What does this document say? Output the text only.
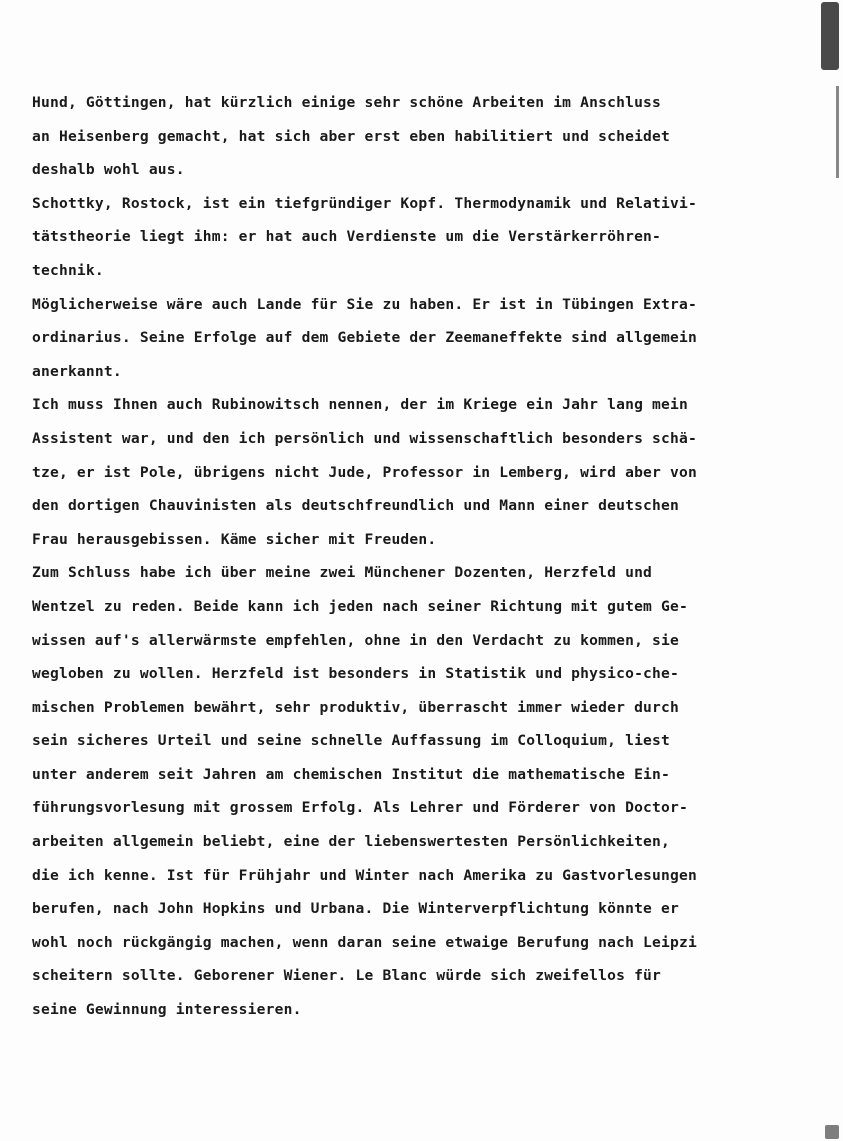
Hund, Göttingen, hat kürzlich einige sehr schöne Arbeiten im Anschluss
an Heisenberg gemacht, hat sich aber erst eben habilitiert und scheidet
deshalb wohl aus.
Schottky, Rostock, ist ein tiefgründiger Kopf. Thermodynamik und Relativi-
tätstheorie liegt ihm: er hat auch Verdienste um die Verstärkerröhren-
technik.
Möglicherweise wäre auch Lande für Sie zu haben. Er ist in Tübingen Extra-
ordinarius. Seine Erfolge auf dem Gebiete der Zeemaneffekte sind allgemein
anerkannt.
Ich muss Ihnen auch Rubinowitsch nennen, der im Kriege ein Jahr lang mein
Assistent war, und den ich persönlich und wissenschaftlich besonders schä-
tze, er ist Pole, übrigens nicht Jude, Professor in Lemberg, wird aber von
den dortigen Chauvinisten als deutschfreundlich und Mann einer deutschen
Frau herausgebissen. Käme sicher mit Freuden.
Zum Schluss habe ich über meine zwei Münchener Dozenten, Herzfeld und
Wentzel zu reden. Beide kann ich jeden nach seiner Richtung mit gutem Ge-
wissen auf's allerwärmste empfehlen, ohne in den Verdacht zu kommen, sie
wegloben zu wollen. Herzfeld ist besonders in Statistik und physico-che-
mischen Problemen bewährt, sehr produktiv, überrascht immer wieder durch
sein sicheres Urteil und seine schnelle Auffassung im Colloquium, liest
unter anderem seit Jahren am chemischen Institut die mathematische Ein-
führungsvorlesung mit grossem Erfolg. Als Lehrer und Förderer von Doctor-
arbeiten allgemein beliebt, eine der liebenswertesten Persönlichkeiten,
die ich kenne. Ist für Frühjahr und Winter nach Amerika zu Gastvorlesungen
berufen, nach John Hopkins und Urbana. Die Winterverpflichtung könnte er
wohl noch rückgängig machen, wenn daran seine etwaige Berufung nach Leipzi
scheitern sollte. Geborener Wiener. Le Blanc würde sich zweifellos für
seine Gewinnung interessieren.
